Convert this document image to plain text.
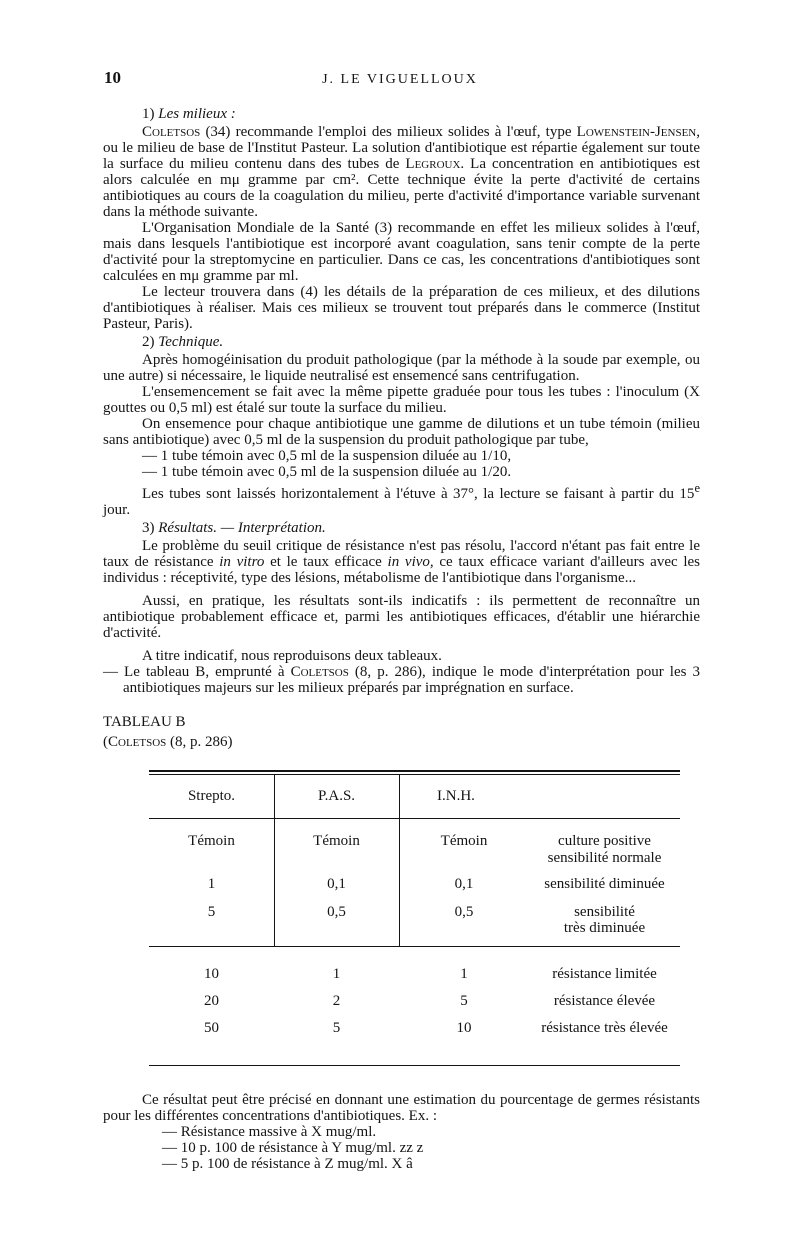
10	J. LE VIGUELLOUX

1) Les milieux :

Coletsos (34) recommande l'emploi des milieux solides à l'œuf, type Lowenstein-Jensen, ou le milieu de base de l'Institut Pasteur. La solution d'antibiotique est répartie également sur toute la surface du milieu contenu dans des tubes de Legroux. La concentration en antibiotiques est alors calculée en mμ gramme par cm². Cette technique évite la perte d'activité de certains antibiotiques au cours de la coagulation du milieu, perte d'activité d'importance variable survenant dans la méthode suivante.

L'Organisation Mondiale de la Santé (3) recommande en effet les milieux solides à l'œuf, mais dans lesquels l'antibiotique est incorporé avant coagulation, sans tenir compte de la perte d'activité pour la streptomycine en particulier. Dans ce cas, les concentrations d'antibiotiques sont calculées en mμ gramme par ml.

Le lecteur trouvera dans (4) les détails de la préparation de ces milieux, et des dilutions d'antibiotiques à réaliser. Mais ces milieux se trouvent tout préparés dans le commerce (Institut Pasteur, Paris).

2) Technique.

Après homogéinisation du produit pathologique (par la méthode à la soude par exemple, ou une autre) si nécessaire, le liquide neutralisé est ensemencé sans centrifugation.

L'ensemencement se fait avec la même pipette graduée pour tous les tubes : l'inoculum (X gouttes ou 0,5 ml) est étalé sur toute la surface du milieu.

On ensemence pour chaque antibiotique une gamme de dilutions et un tube témoin (milieu sans antibiotique) avec 0,5 ml de la suspension du produit pathologique par tube,

— 1 tube témoin avec 0,5 ml de la suspension diluée au 1/10,

— 1 tube témoin avec 0,5 ml de la suspension diluée au 1/20.

Les tubes sont laissés horizontalement à l'étuve à 37°, la lecture se faisant à partir du 15e jour.

3) Résultats. — Interprétation.

Le problème du seuil critique de résistance n'est pas résolu, l'accord n'étant pas fait entre le taux de résistance in vitro et le taux efficace in vivo, ce taux efficace variant d'ailleurs avec les individus : réceptivité, type des lésions, métabolisme de l'antibiotique dans l'organisme...

Aussi, en pratique, les résultats sont-ils indicatifs : ils permettent de reconnaître un antibiotique probablement efficace et, parmi les antibiotiques efficaces, d'établir une hiérarchie d'activité.

A titre indicatif, nous reproduisons deux tableaux.

— Le tableau B, emprunté à Coletsos (8, p. 286), indique le mode d'interprétation pour les 3 antibiotiques majeurs sur les milieux préparés par imprégnation en surface.

TABLEAU B

(Coletsos (8, p. 286)

Strepto.	P.A.S.	I.N.H.
Témoin	Témoin	Témoin	culture positive
sensibilité normale
1	0,1	0,1	sensibilité diminuée
5	0,5	0,5	sensibilité
très diminuée
10	1	1	résistance limitée
20	2	5	résistance élevée
50	5	10	résistance très élevée

Ce résultat peut être précisé en donnant une estimation du pourcentage de germes résistants pour les différentes concentrations d'antibiotiques. Ex. :

— Résistance massive à X mug/ml.

— 10 p. 100 de résistance à Y mug/ml. zz z

— 5 p. 100 de résistance à Z mug/ml. X â
